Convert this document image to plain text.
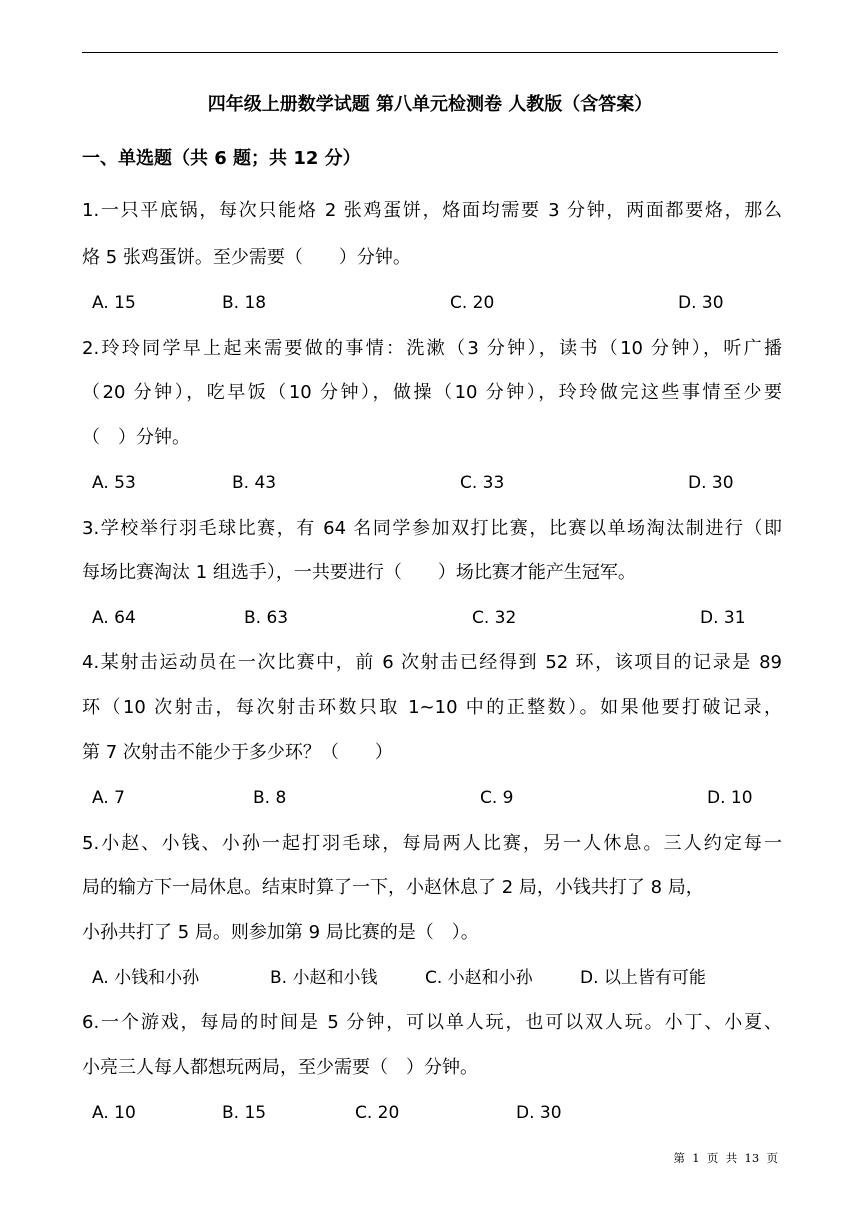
四年级上册数学试题 第八单元检测卷 人教版（含答案）
一、单选题（共 6 题；共 12 分）
1.一只平底锅，每次只能烙 2 张鸡蛋饼，烙面均需要 3 分钟，两面都要烙，那么
烙 5 张鸡蛋饼。至少需要（　　）分钟。
A. 15	B. 18	C. 20	D. 30
2.玲玲同学早上起来需要做的事情：洗漱（3 分钟），读书（10 分钟），听广播
（20 分钟），吃早饭（10 分钟），做操（10 分钟），玲玲做完这些事情至少要
（　）分钟。
A. 53	B. 43	C. 33	D. 30
3.学校举行羽毛球比赛，有 64 名同学参加双打比赛，比赛以单场淘汰制进行（即
每场比赛淘汰 1 组选手），一共要进行（　　）场比赛才能产生冠军。
A. 64	B. 63	C. 32	D. 31
4.某射击运动员在一次比赛中，前 6 次射击已经得到 52 环，该项目的记录是 89
环（10 次射击，每次射击环数只取 1~10 中的正整数）。如果他要打破记录，
第 7 次射击不能少于多少环？（　　）
A. 7	B. 8	C. 9	D. 10
5.小赵、小钱、小孙一起打羽毛球，每局两人比赛，另一人休息。三人约定每一
局的输方下一局休息。结束时算了一下，小赵休息了 2 局，小钱共打了 8 局，
小孙共打了 5 局。则参加第 9 局比赛的是（　）。
A. 小钱和小孙	B. 小赵和小钱	C. 小赵和小孙	D. 以上皆有可能
6.一个游戏，每局的时间是 5 分钟，可以单人玩，也可以双人玩。小丁、小夏、
小亮三人每人都想玩两局，至少需要（　）分钟。
A. 10	B. 15	C. 20	D. 30
第  1  页  共  13  页
